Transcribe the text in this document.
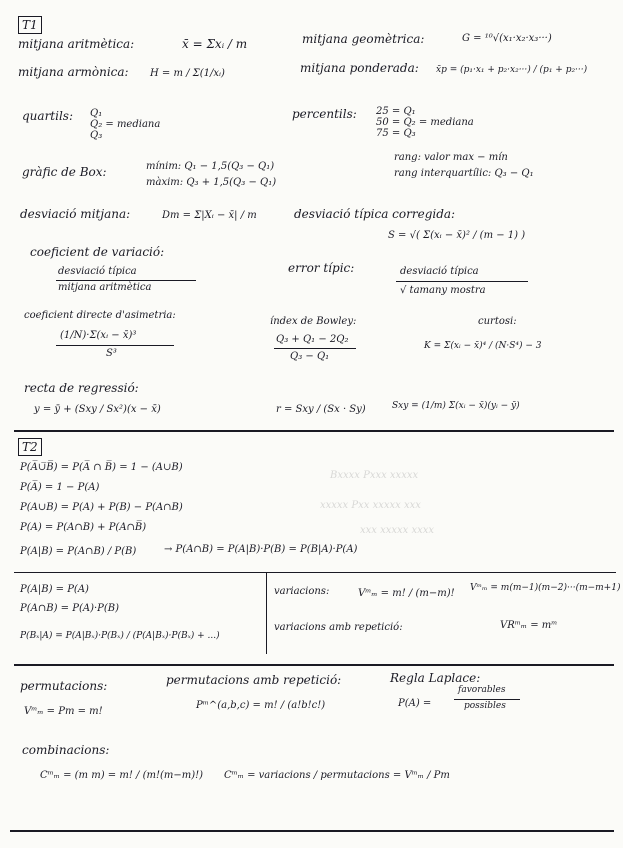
Bxxxx Pxxx xxxxx
xxxxx Pxx xxxxx xxx
xxx xxxxx xxxx
T1
mitjana aritmètica:	x̄ = Σxᵢ / m	mitjana geomètrica:	G = ¹⁰√(x₁·x₂·x₃···)
mitjana armònica: H = m / Σ(1/xᵢ)	mitjana ponderada: x̄p = (p₁·x₁ + p₂·x₂···) / (p₁ + p₂···)
quartils: Q₁
Q₂ = mediana
Q₃
percentils: 25 = Q₁
50 = Q₂ = mediana
75 = Q₃
gràfic de Box:	mínim: Q₁ − 1,5(Q₃ − Q₁)
màxim: Q₃ + 1,5(Q₃ − Q₁)
rang: valor max − mín
rang interquartílic: Q₃ − Q₁
desviació mitjana:	Dm = Σ|Xᵢ − x̄| / m	desviació típica corregida:
S = √( Σ(xᵢ − x̄)² / (m − 1) )
coeficient de variació:
desviació típica
mitjana aritmètica
error típic:	desviació típica
√ tamany mostra
coeficient directe d'asimetria:
(1/N)·Σ(xᵢ − x̄)³
S³
índex de Bowley:
Q₃ + Q₁ − 2Q₂
Q₃ − Q₁
curtosi:
K = Σ(xᵢ − x̄)⁴ / (N·S⁴) − 3
recta de regressió:
y = ȳ + (Sxy / Sx²)(x − x̄)	r = Sxy / (Sx · Sy)	Sxy = (1/m) Σ(xᵢ − x̄)(yᵢ − ȳ)
T2
P(A̅∪̅B̅) = P(A̅ ∩ B̅) = 1 − (A∪B)
P(A̅) = 1 − P(A)
P(A∪B) = P(A) + P(B) − P(A∩B)
P(A) = P(A∩B) + P(A∩B̅)
P(A|B) = P(A∩B) / P(B)	→ P(A∩B) = P(A|B)·P(B) = P(B|A)·P(A)
P(A|B) = P(A)
P(A∩B) = P(A)·P(B)
P(Bₓ|A) = P(A|Bₓ)·P(Bₓ) / (P(A|Bₓ)·P(Bₓ) + ...)
variacions:	Vᵐₘ = m! / (m−m)! Vᵐₘ = m(m−1)(m−2)···(m−m+1)
variacions amb repetició:	VRᵐₘ = mᵐ
permutacions:
Vᵐₘ = Pm = m!
permutacions amb repetició:
Pᵐ^(a,b,c) = m! / (a!b!c!)
Regla Laplace:
P(A) =
favorables
possibles
combinacions:
Cᵐₘ = (m m) = m! / (m!(m−m)!) Cᵐₘ = variacions / permutacions = Vᵐₘ / Pm
